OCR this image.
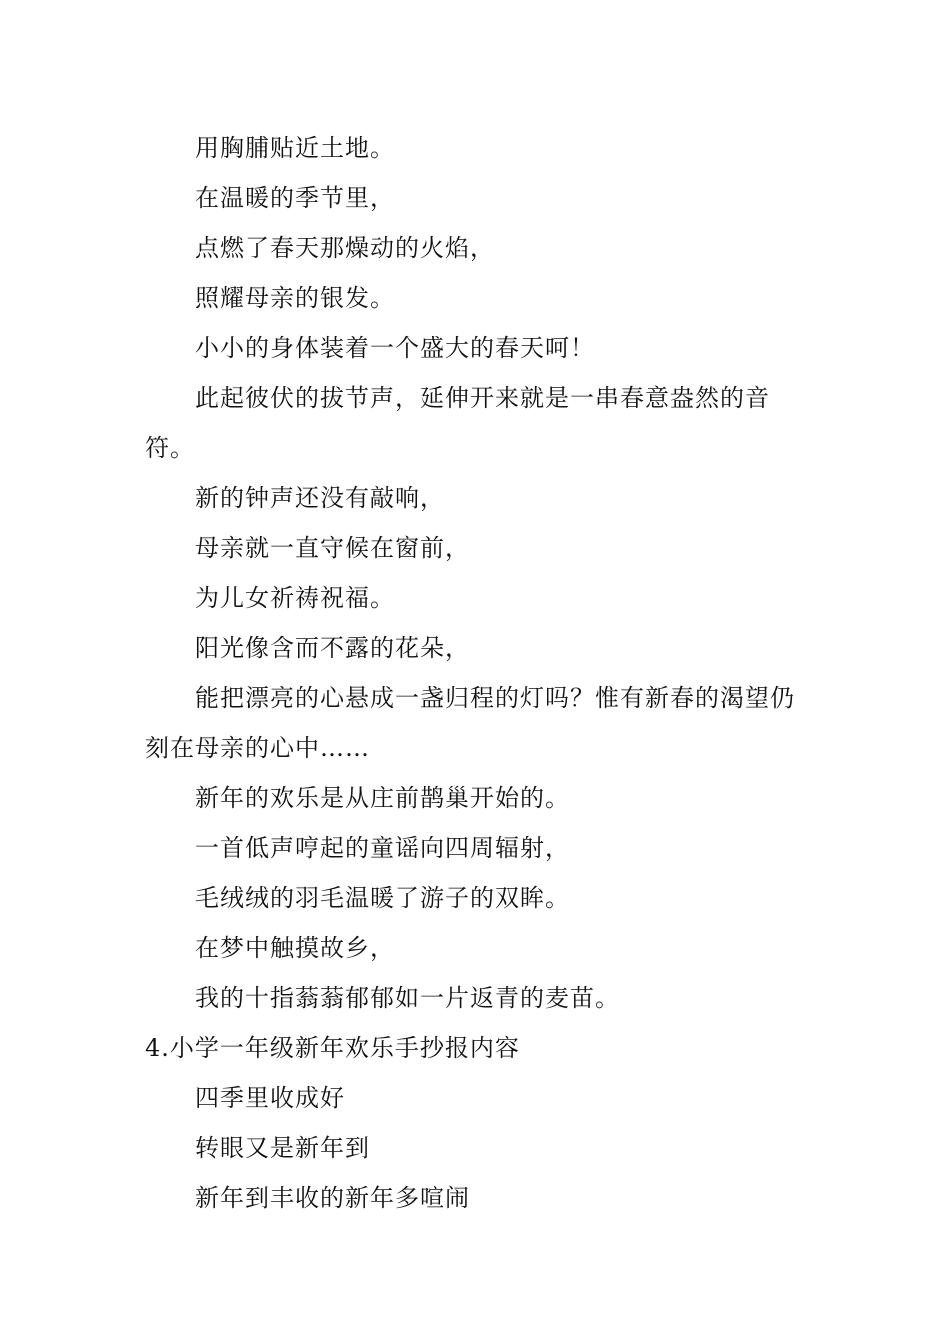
用胸脯贴近土地。

在温暖的季节里，

点燃了春天那燥动的火焰，

照耀母亲的银发。

小小的身体装着一个盛大的春天呵！

此起彼伏的拔节声，延伸开来就是一串春意盎然的音符。

新的钟声还没有敲响，

母亲就一直守候在窗前，

为儿女祈祷祝福。

阳光像含而不露的花朵，

能把漂亮的心悬成一盏归程的灯吗？惟有新春的渴望仍刻在母亲的心中……

新年的欢乐是从庄前鹊巢开始的。

一首低声哼起的童谣向四周辐射，

毛绒绒的羽毛温暖了游子的双眸。

在梦中触摸故乡，

我的十指蓊蓊郁郁如一片返青的麦苗。

4.小学一年级新年欢乐手抄报内容

四季里收成好

转眼又是新年到

新年到丰收的新年多喧闹
